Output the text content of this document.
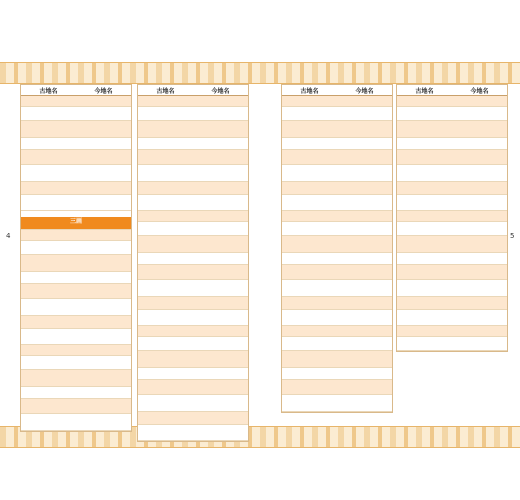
4	5
古地名	今地名

三画	

古地名	今地名

		古地名	今地名

		古地名	今地名
